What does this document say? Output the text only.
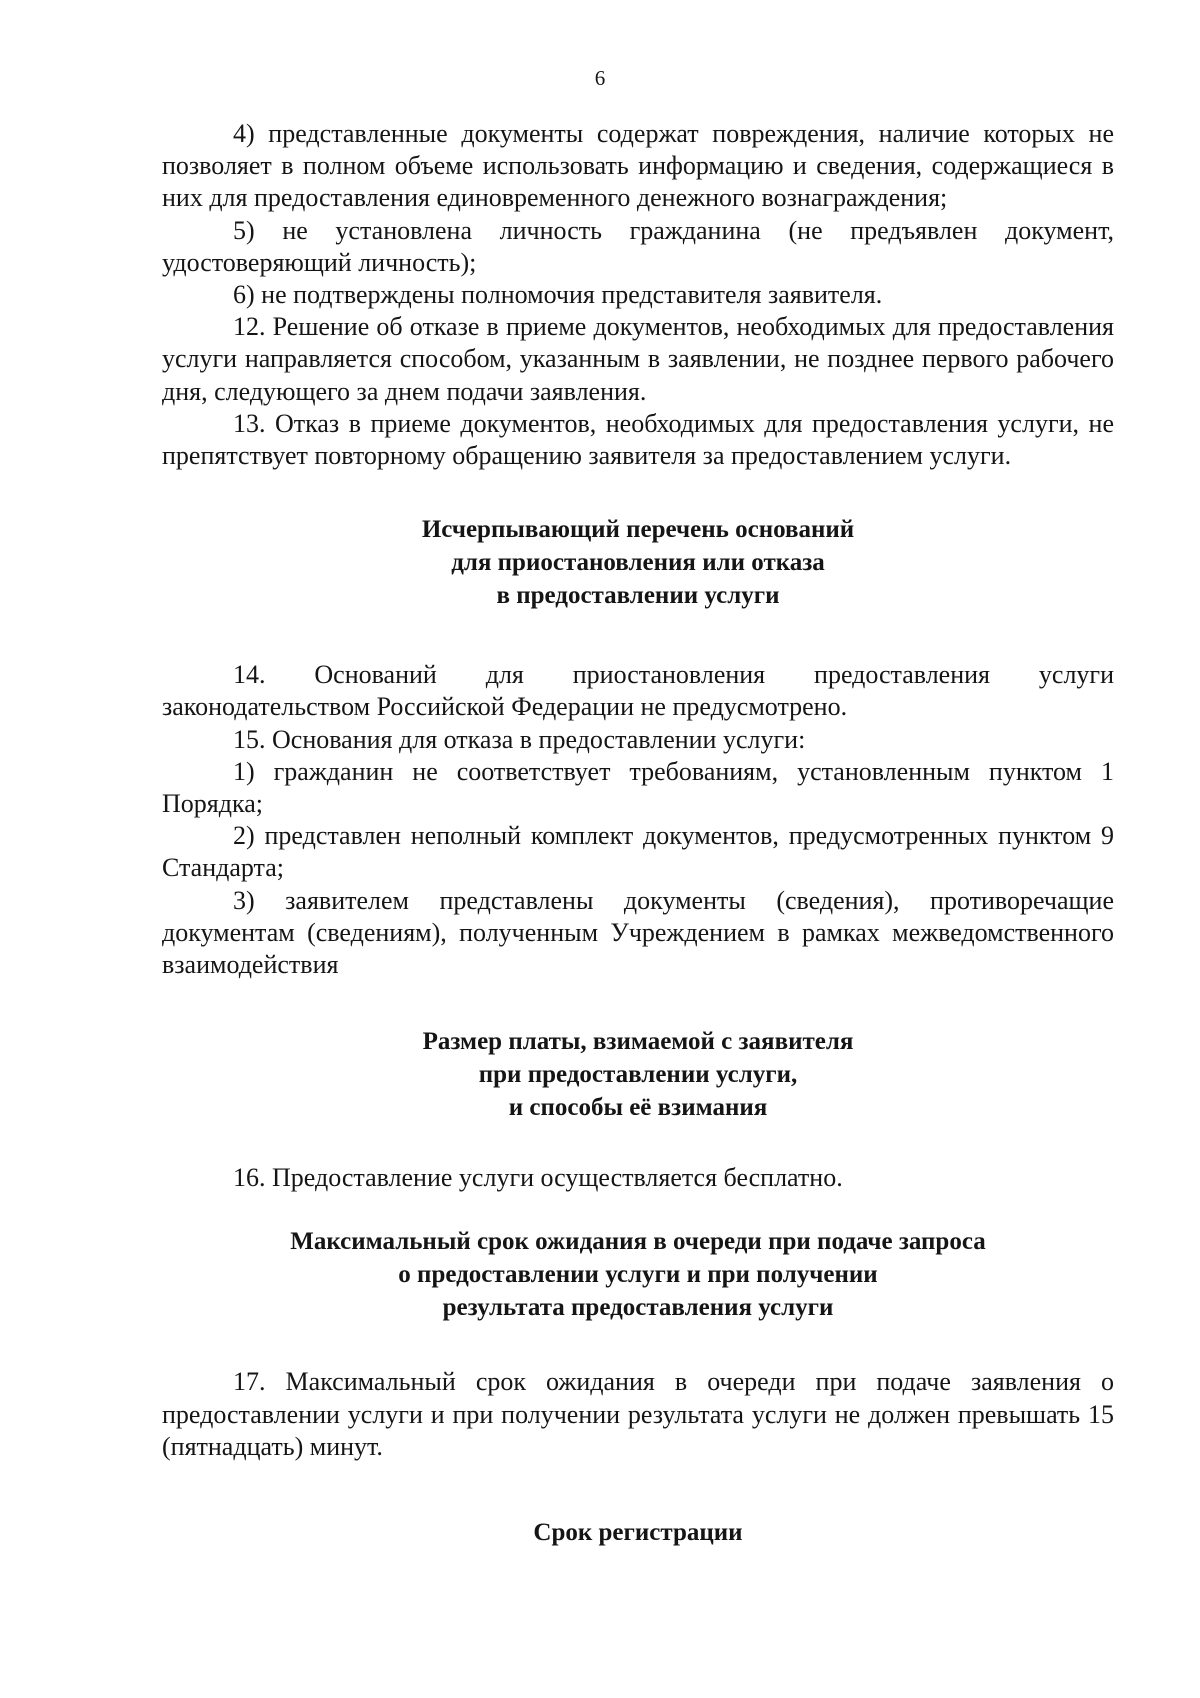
6

4) представленные документы содержат повреждения, наличие которых не позволяет в полном объеме использовать информацию и сведения, содержащиеся в них для предоставления единовременного денежного вознаграждения;

5) не установлена личность гражданина (не предъявлен документ, удостоверяющий личность);

6) не подтверждены полномочия представителя заявителя.

12. Решение об отказе в приеме документов, необходимых для предоставления услуги направляется способом, указанным в заявлении, не позднее первого рабочего дня, следующего за днем подачи заявления.

13. Отказ в приеме документов, необходимых для предоставления услуги, не препятствует повторному обращению заявителя за предоставлением услуги.

Исчерпывающий перечень оснований
для приостановления или отказа
в предоставлении услуги

14. Оснований для приостановления предоставления услуги законодательством Российской Федерации не предусмотрено.

15. Основания для отказа в предоставлении услуги:

1) гражданин не соответствует требованиям, установленным пунктом 1 Порядка;

2) представлен неполный комплект документов, предусмотренных пунктом 9 Стандарта;

3) заявителем представлены документы (сведения), противоречащие документам (сведениям), полученным Учреждением в рамках межведомственного взаимодействия

Размер платы, взимаемой с заявителя
при предоставлении услуги,
и способы её взимания

16. Предоставление услуги осуществляется бесплатно.

Максимальный срок ожидания в очереди при подаче запроса
о предоставлении услуги и при получении
результата предоставления услуги

17. Максимальный срок ожидания в очереди при подаче заявления о предоставлении услуги и при получении результата услуги не должен превышать 15 (пятнадцать) минут.

Срок регистрации
